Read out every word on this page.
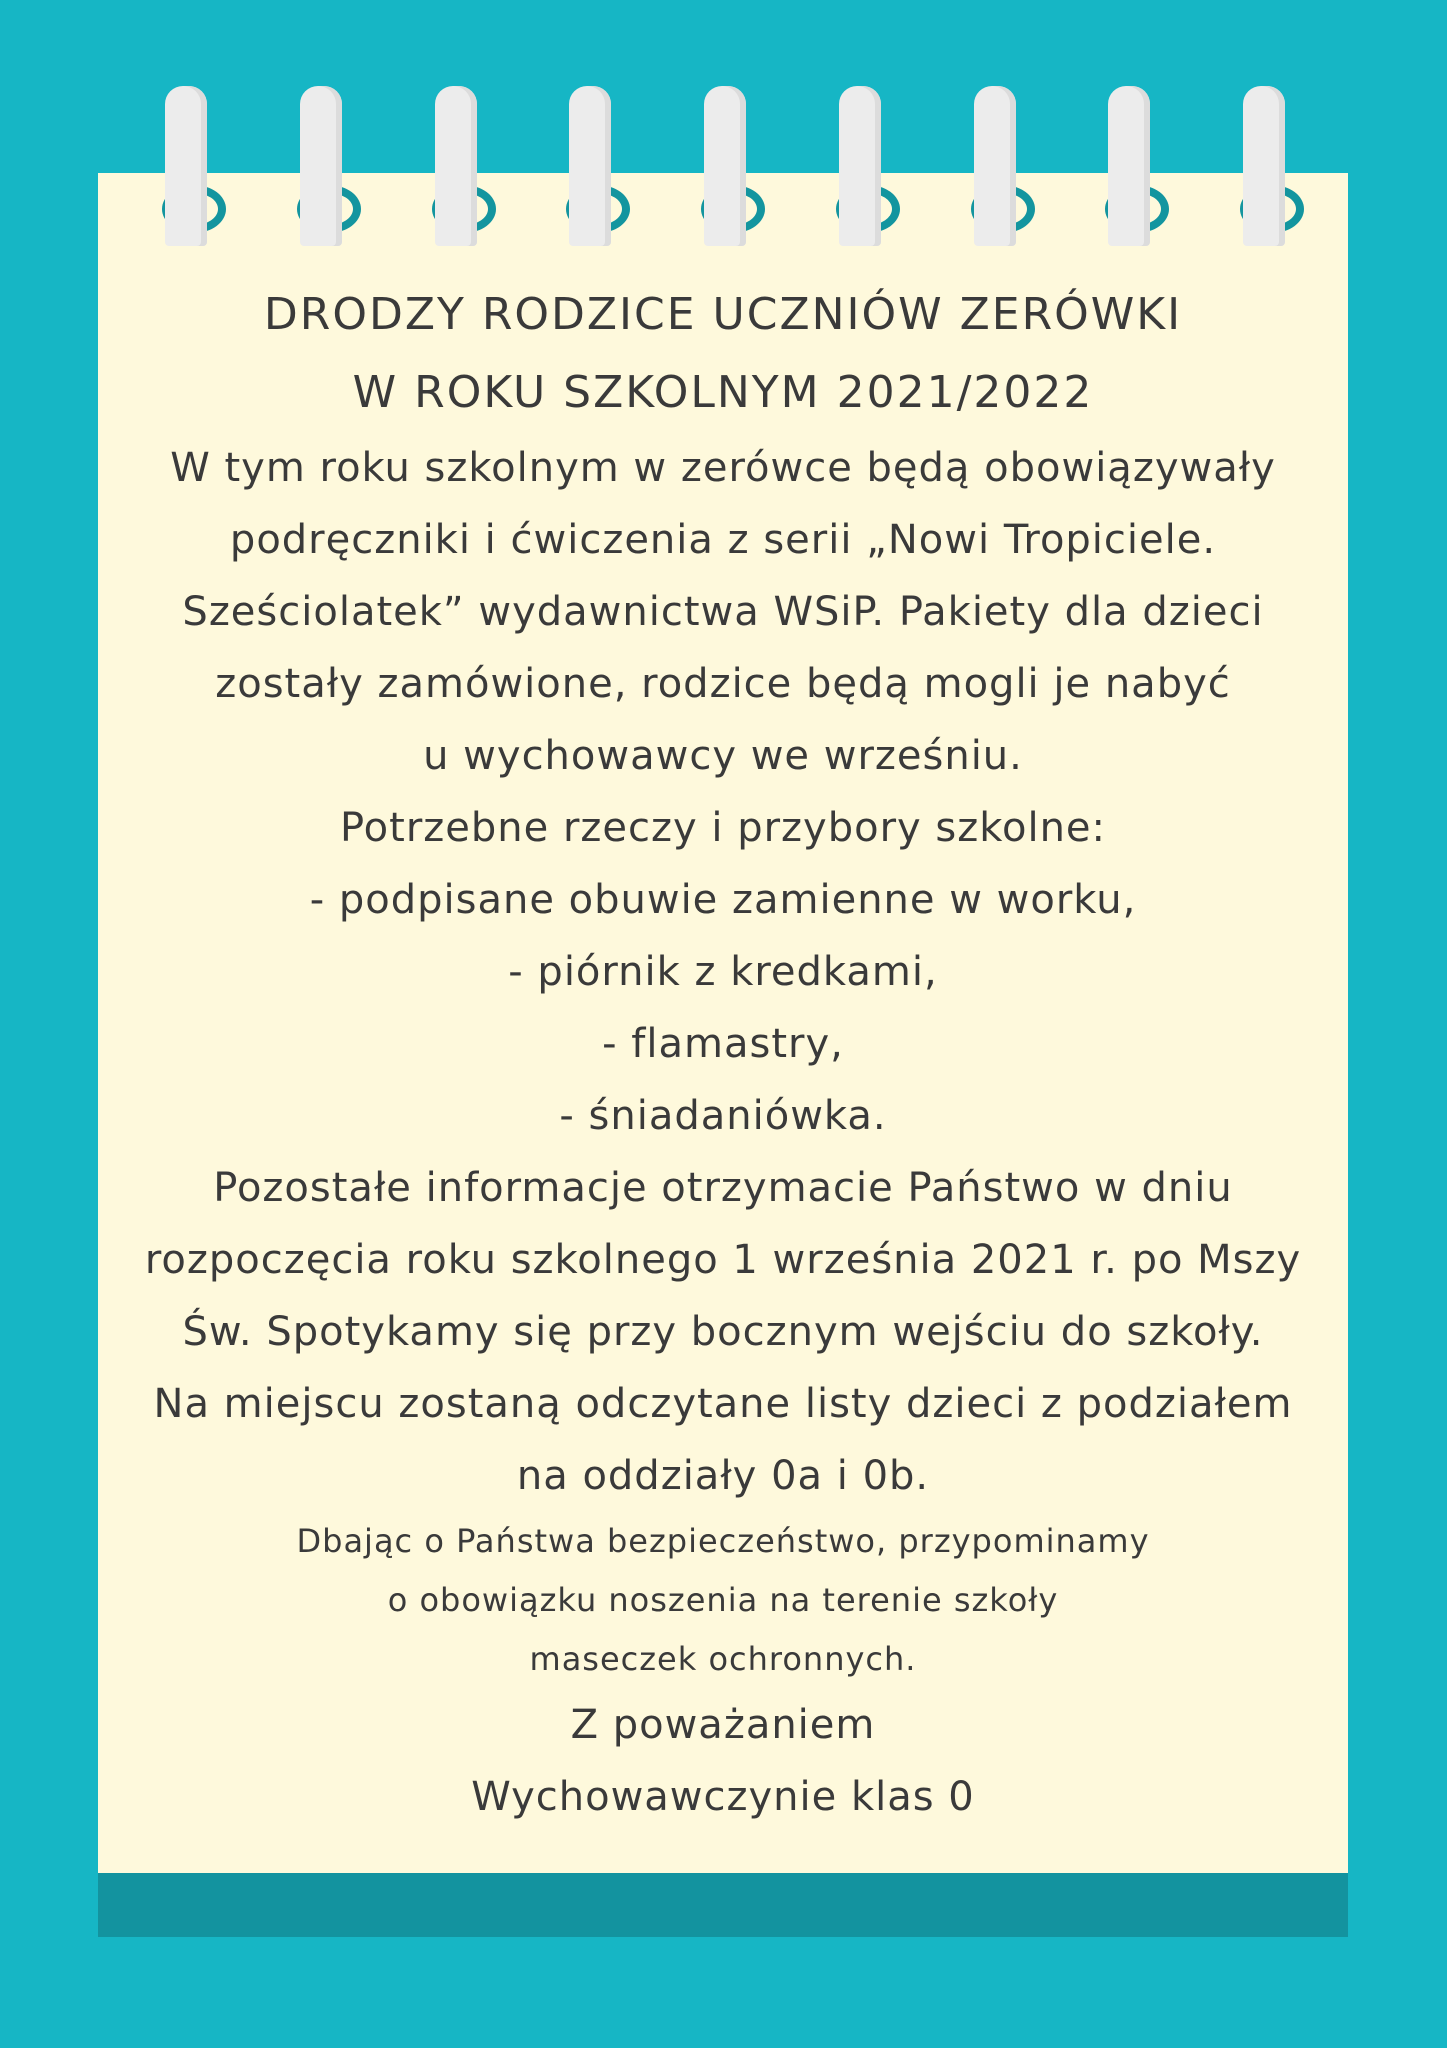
DRODZY RODZICE UCZNIÓW ZERÓWKI

W ROKU SZKOLNYM 2021/2022

W tym roku szkolnym w zerówce będą obowiązywały

podręczniki i ćwiczenia z serii „Nowi Tropiciele.

Sześciolatek” wydawnictwa WSiP. Pakiety dla dzieci

zostały zamówione, rodzice będą mogli je nabyć

u wychowawcy we wrześniu.

Potrzebne rzeczy i przybory szkolne:

- podpisane obuwie zamienne w worku,

- piórnik z kredkami,

- flamastry,

- śniadaniówka.

Pozostałe informacje otrzymacie Państwo w dniu

rozpoczęcia roku szkolnego 1 września 2021 r. po Mszy

Św. Spotykamy się przy bocznym wejściu do szkoły.

Na miejscu zostaną odczytane listy dzieci z podziałem

na oddziały 0a i 0b.

Dbając o Państwa bezpieczeństwo, przypominamy

o obowiązku noszenia na terenie szkoły

maseczek ochronnych.

Z poważaniem

Wychowawczynie klas 0
